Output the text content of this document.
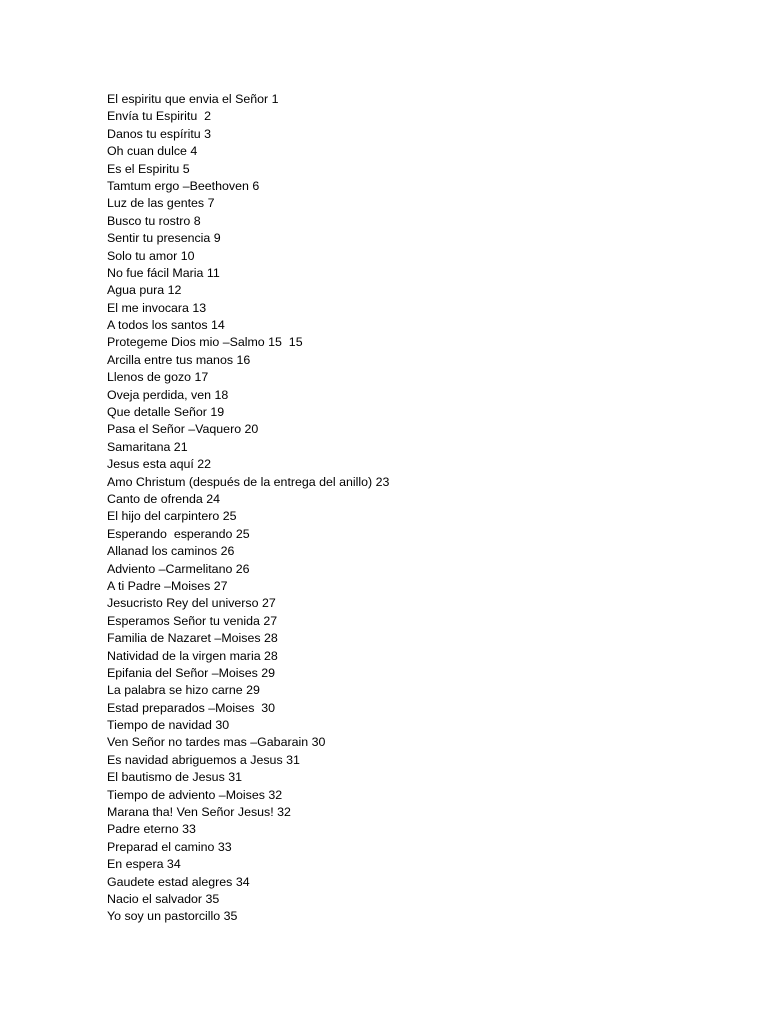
El espiritu que envia el Señor 1
Envía tu Espiritu  2
Danos tu espíritu 3
Oh cuan dulce 4
Es el Espiritu 5
Tamtum ergo –Beethoven 6
Luz de las gentes 7
Busco tu rostro 8
Sentir tu presencia 9
Solo tu amor 10
No fue fácil Maria 11
Agua pura 12
El me invocara 13
A todos los santos 14
Protegeme Dios mio –Salmo 15  15
Arcilla entre tus manos 16
Llenos de gozo 17
Oveja perdida, ven 18
Que detalle Señor 19
Pasa el Señor –Vaquero 20
Samaritana 21
Jesus esta aquí 22
Amo Christum (después de la entrega del anillo) 23
Canto de ofrenda 24
El hijo del carpintero 25
Esperando  esperando 25
Allanad los caminos 26
Adviento –Carmelitano 26
A ti Padre –Moises 27
Jesucristo Rey del universo 27
Esperamos Señor tu venida 27
Familia de Nazaret –Moises 28
Natividad de la virgen maria 28
Epifania del Señor –Moises 29
La palabra se hizo carne 29
Estad preparados –Moises  30
Tiempo de navidad 30
Ven Señor no tardes mas –Gabarain 30
Es navidad abriguemos a Jesus 31
El bautismo de Jesus 31
Tiempo de adviento –Moises 32
Marana tha! Ven Señor Jesus! 32
Padre eterno 33
Preparad el camino 33
En espera 34
Gaudete estad alegres 34
Nacio el salvador 35
Yo soy un pastorcillo 35
